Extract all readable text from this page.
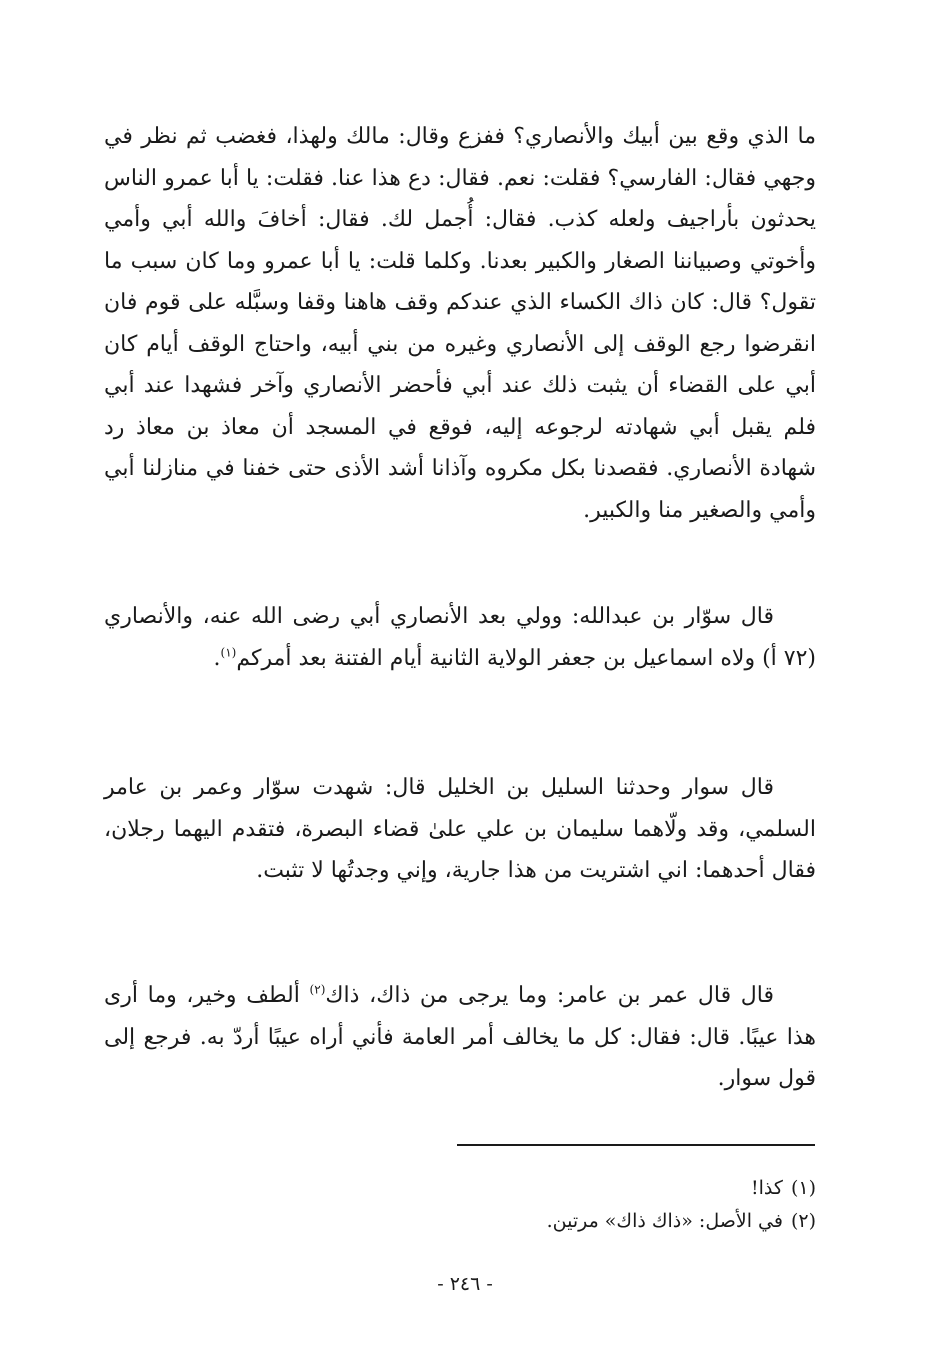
ما الذي وقع بين أبيك والأنصاري؟ ففزع وقال: مالك ولهذا، فغضب ثم نظر في وجهي فقال: الفارسي؟ فقلت: نعم. فقال: دع هذا عنا. فقلت: يا أبا عمرو الناس يحدثون بأراجيف ولعله كذب. فقال: أُجمل لك. فقال: أخافَ والله أبي وأمي وأخوتي وصبياننا الصغار والكبير بعدنا. وكلما قلت: يا أبا عمرو وما كان سبب ما تقول؟ قال: كان ذاك الكساء الذي عندكم وقف هاهنا وقفا وسبَّله على قوم فان انقرضوا رجع الوقف إلى الأنصاري وغيره من بني أبيه، واحتاج الوقف أيام كان أبي على القضاء أن يثبت ذلك عند أبي فأحضر الأنصاري وآخر فشهدا عند أبي فلم يقبل أبي شهادته لرجوعه إليه، فوقع في المسجد أن معاذ بن معاذ رد شهادة الأنصاري. فقصدنا بكل مكروه وآذانا أشد الأذى حتى خفنا في منازلنا أبي وأمي والصغير منا والكبير.

قال سوّار بن عبدالله: وولي بعد الأنصاري أبي رضى الله عنه، والأنصاري (٧٢ أ) ولاه اسماعيل بن جعفر الولاية الثانية أيام الفتنة بعد أمركم$^{(١)}$.

قال سوار وحدثنا السليل بن الخليل قال: شهدت سوّار وعمر بن عامر السلمي، وقد ولّاهما سليمان بن علي علىٰ قضاء البصرة، فتقدم اليهما رجلان، فقال أحدهما: اني اشتريت من هذا جارية، وإني وجدتُها لا تثبت.

قال قال عمر بن عامر: وما يرجى من ذاك، ذاك$^{(٢)}$ ألطف وخير، وما أرى هذا عيبًا. قال: فقال: كل ما يخالف أمر العامة فأني أراه عيبًا أردّ به. فرجع إلى قول سوار.

(١)كذا!
(٢)في الأصل: «ذاك ذاك» مرتين.
- ٢٤٦ -
